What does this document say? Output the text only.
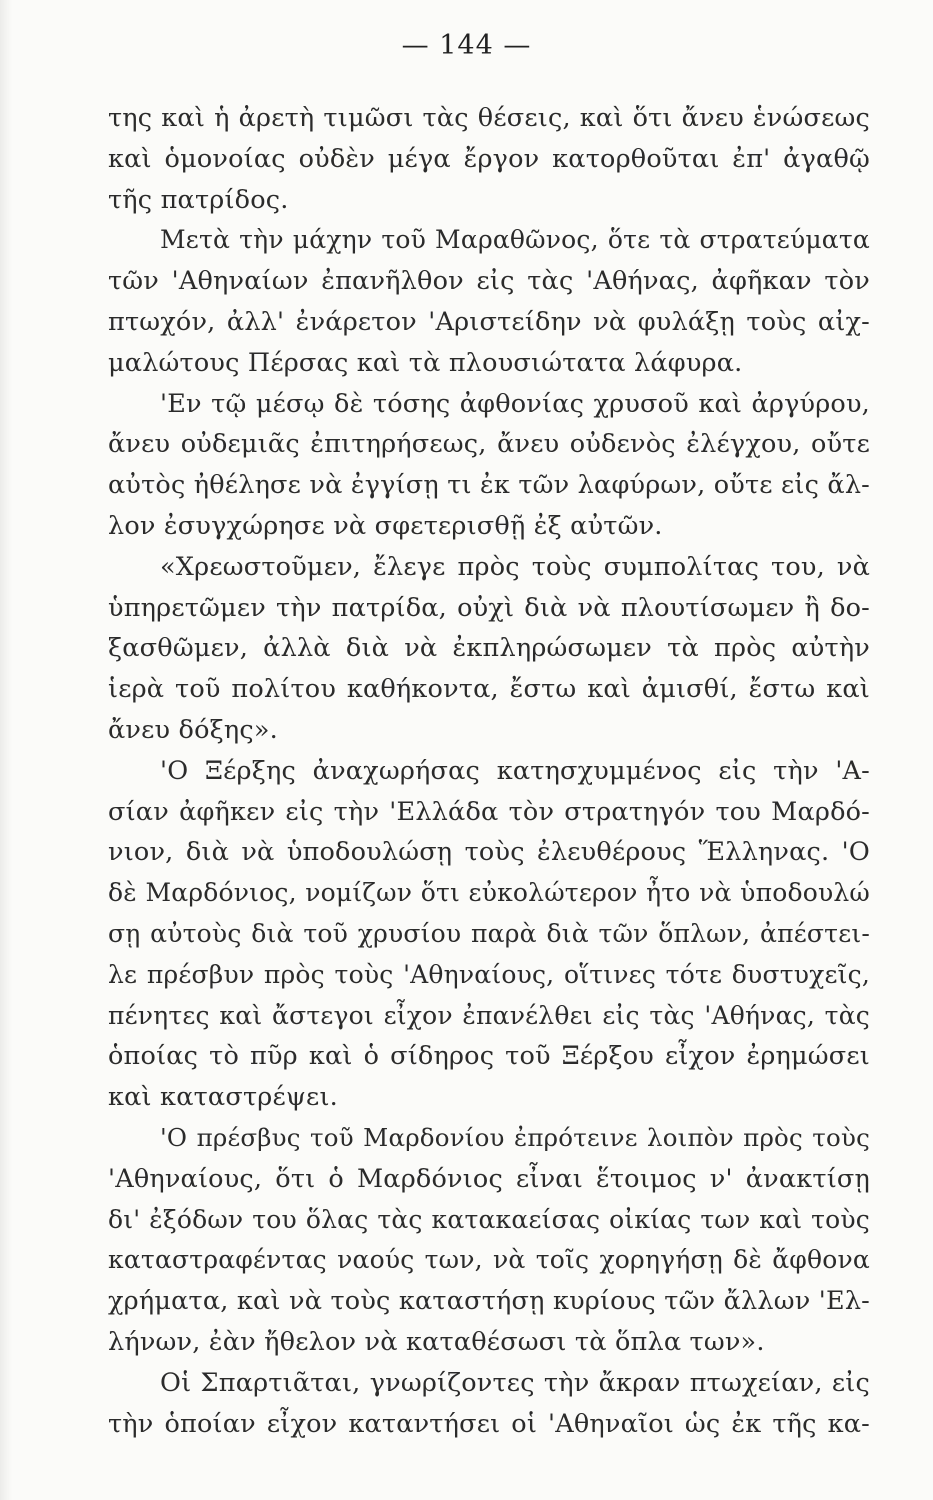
— 144 —
της καὶ ἡ ἀρετὴ τιμῶσι τὰς θέσεις, καὶ ὅτι ἄνευ ἑνώσεως
καὶ ὁμονοίας οὐδὲν μέγα ἔργον κατορθοῦται ἐπ' ἀγαθῷ
τῆς πατρίδος.
Μετὰ τὴν μάχην τοῦ Μαραθῶνος, ὅτε τὰ στρατεύματα
τῶν 'Αθηναίων ἐπανῆλθον εἰς τὰς 'Αθήνας, ἀφῆκαν τὸν
πτωχόν, ἀλλ' ἐνάρετον 'Αριστείδην νὰ φυλάξῃ τοὺς αἰχ-
μαλώτους Πέρσας καὶ τὰ πλουσιώτατα λάφυρα.
'Εν τῷ μέσῳ δὲ τόσης ἀφθονίας χρυσοῦ καὶ ἀργύρου,
ἄνευ οὐδεμιᾶς ἐπιτηρήσεως, ἄνευ οὐδενὸς ἐλέγχου, οὔτε
αὐτὸς ἠθέλησε νὰ ἐγγίσῃ τι ἐκ τῶν λαφύρων, οὔτε εἰς ἄλ-
λον ἐσυγχώρησε νὰ σφετερισθῇ ἐξ αὐτῶν.
«Χρεωστοῦμεν, ἔλεγε πρὸς τοὺς συμπολίτας του, νὰ
ὑπηρετῶμεν τὴν πατρίδα, οὐχὶ διὰ νὰ πλουτίσωμεν ἢ δο-
ξασθῶμεν, ἀλλὰ διὰ νὰ ἐκπληρώσωμεν τὰ πρὸς αὐτὴν
ἱερὰ τοῦ πολίτου καθήκοντα, ἔστω καὶ ἀμισθί, ἔστω καὶ
ἄνευ δόξης».
'Ο Ξέρξης ἀναχωρήσας κατησχυμμένος εἰς τὴν 'Α-
σίαν ἀφῆκεν εἰς τὴν 'Ελλάδα τὸν στρατηγόν του Μαρδό-
νιον, διὰ νὰ ὑποδουλώσῃ τοὺς ἐλευθέρους Ἕλληνας. 'Ο
δὲ Μαρδόνιος, νομίζων ὅτι εὐκολώτερον ἦτο νὰ ὑποδουλώ
σῃ αὐτοὺς διὰ τοῦ χρυσίου παρὰ διὰ τῶν ὅπλων, ἀπέστει-
λε πρέσβυν πρὸς τοὺς 'Αθηναίους, οἵτινες τότε δυστυχεῖς,
πένητες καὶ ἄστεγοι εἶχον ἐπανέλθει εἰς τὰς 'Αθήνας, τὰς
ὁποίας τὸ πῦρ καὶ ὁ σίδηρος τοῦ Ξέρξου εἶχον ἐρημώσει
καὶ καταστρέψει.
'Ο πρέσβυς τοῦ Μαρδονίου ἐπρότεινε λοιπὸν πρὸς τοὺς
'Αθηναίους, ὅτι ὁ Μαρδόνιος εἶναι ἕτοιμος ν' ἀνακτίσῃ
δι' ἐξόδων του ὅλας τὰς κατακαείσας οἰκίας των καὶ τοὺς
καταστραφέντας ναούς των, νὰ τοῖς χορηγήσῃ δὲ ἄφθονα
χρήματα, καὶ νὰ τοὺς καταστήσῃ κυρίους τῶν ἄλλων 'Ελ-
λήνων, ἐὰν ἤθελον νὰ καταθέσωσι τὰ ὅπλα των».
Οἱ Σπαρτιᾶται, γνωρίζοντες τὴν ἄκραν πτωχείαν, εἰς
τὴν ὁποίαν εἶχον καταντήσει οἱ 'Αθηναῖοι ὡς ἐκ τῆς κα-
